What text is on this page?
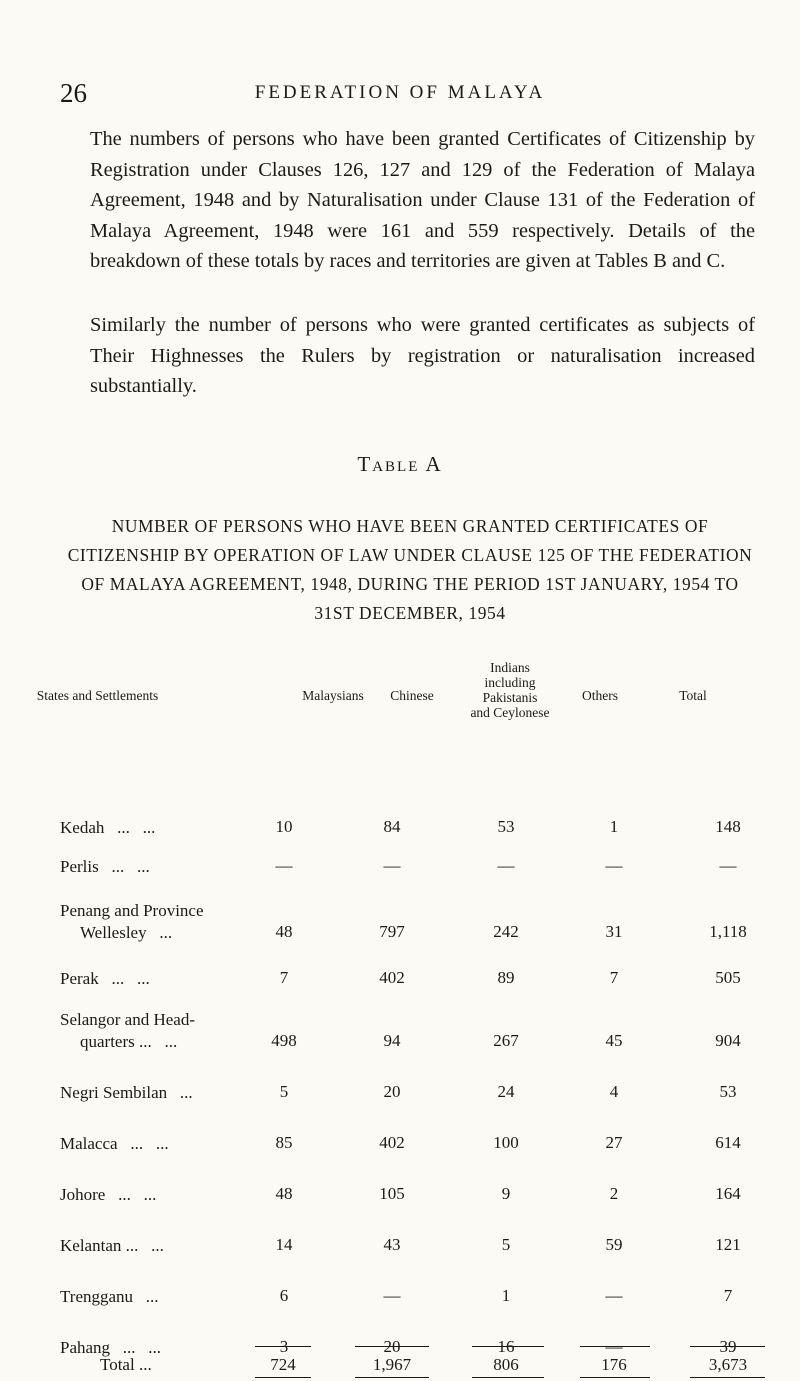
26	FEDERATION OF MALAYA

The numbers of persons who have been granted Certificates of Citizenship by Registration under Clauses 126, 127 and 129 of the Federation of Malaya Agreement, 1948 and by Naturalisation under Clause 131 of the Federation of Malaya Agreement, 1948 were 161 and 559 respectively. Details of the breakdown of these totals by races and territories are given at Tables B and C.

Similarly the number of persons who were granted certificates as subjects of Their Highnesses the Rulers by registration or naturalisation increased substantially.

Table A
NUMBER OF PERSONS WHO HAVE BEEN GRANTED CERTIFICATES OF CITIZENSHIP BY OPERATION OF LAW UNDER CLAUSE 125 OF THE FEDERATION OF MALAYA AGREEMENT, 1948, DURING THE PERIOD 1ST JANUARY, 1954 TO 31ST DECEMBER, 1954
States and Settlements	Malaysians	Chinese
Indians
including
Pakistanis
and Ceylonese
Others	Total
Kedah   ...   ...	10	84	53	1	148
Perlis   ...   ...	—	—	—	—	—
Penang and Province
Wellesley   ...	48	797	242	31	1,118
Perak   ...   ...	7	402	89	7	505
Selangor and Head-
quarters ...   ...	498	94	267	45	904
Negri Sembilan   ...	5	20	24	4	53
Malacca   ...   ...	85	402	100	27	614
Johore   ...   ...	48	105	9	2	164
Kelantan ...   ...	14	43	5	59	121
Trengganu   ...	6	—	1	—	7
Pahang   ...   ...	3	20	16	—	39
Total ...	724	1,967	806	176	3,673
